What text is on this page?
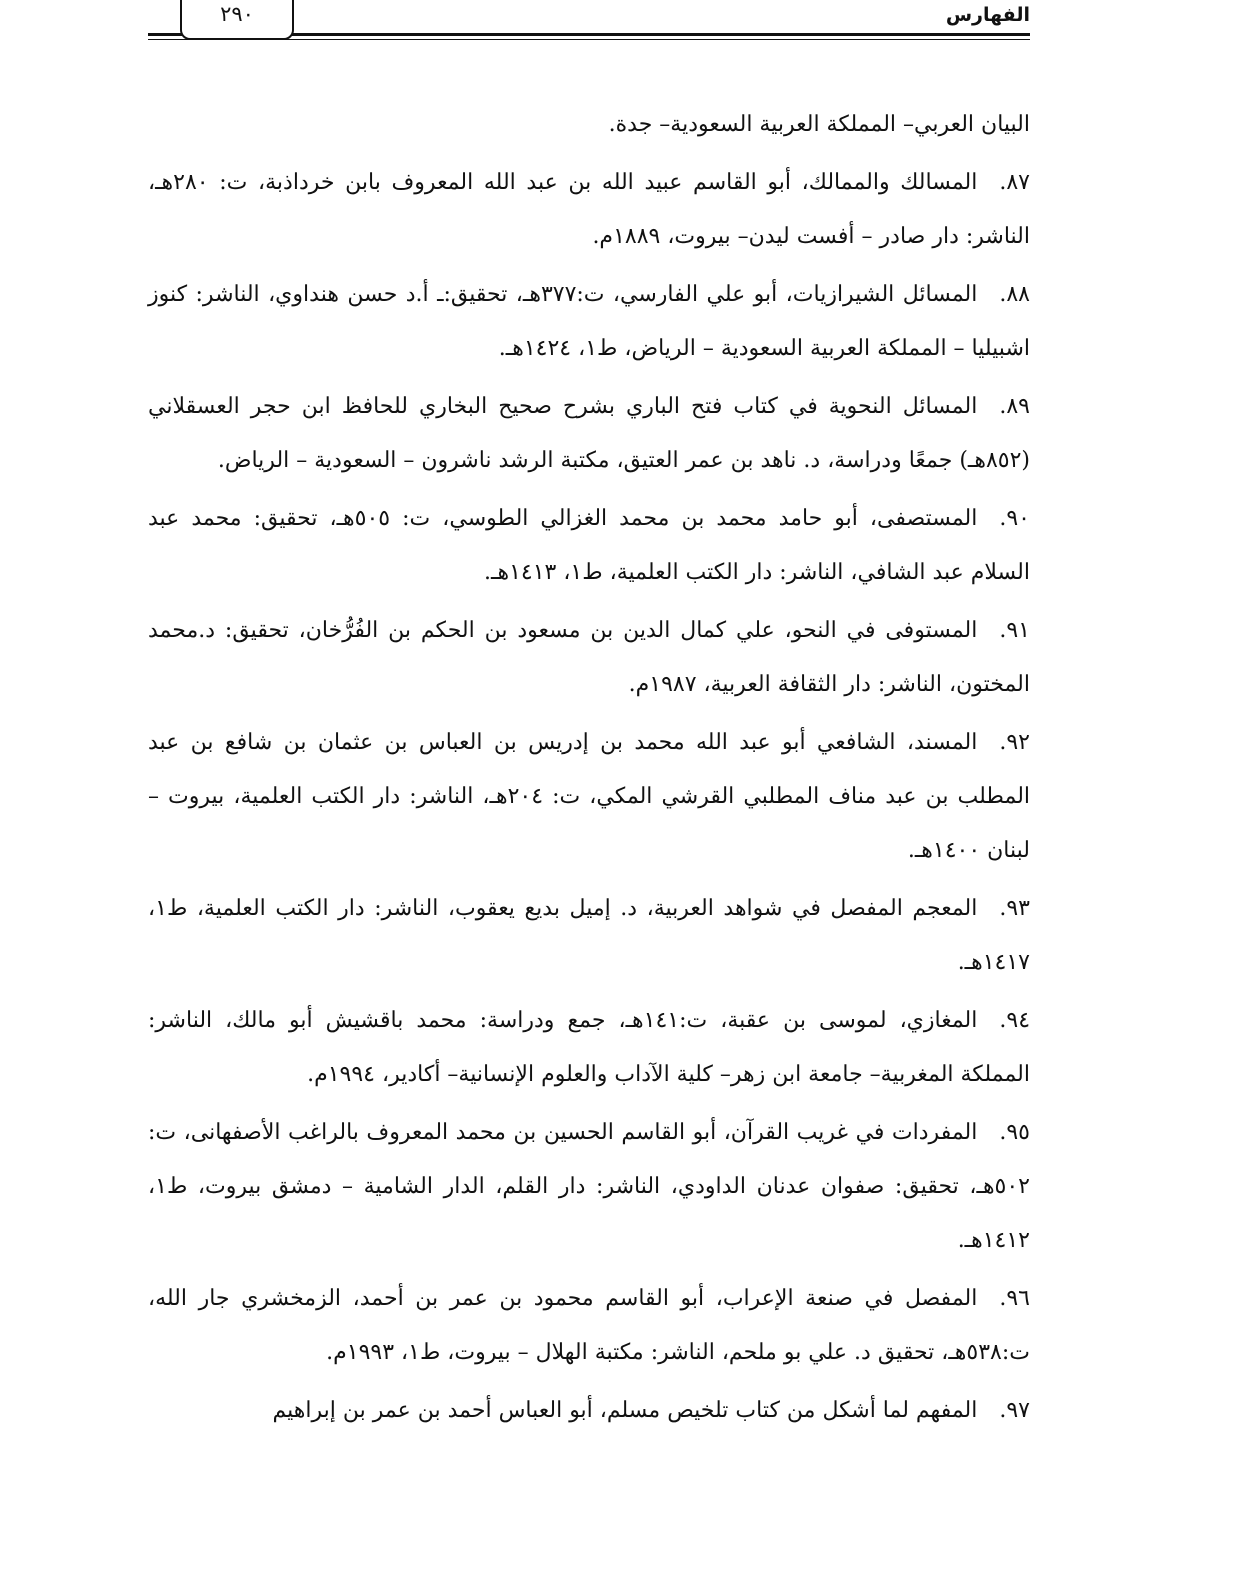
٢٩٠	الفهارس

البيان العربي– المملكة العربية السعودية– جدة.

٨٧.المسالك والممالك، أبو القاسم عبيد الله بن عبد الله المعروف بابن خرداذبة، ت: ٢٨٠هـ، الناشر: دار صادر – أفست ليدن– بيروت، ١٨٨٩م.

٨٨.المسائل الشيرازيات، أبو علي الفارسي، ت:٣٧٧هـ، تحقيق:ـ أ.د حسن هنداوي، الناشر: كنوز اشبيليا – المملكة العربية السعودية – الرياض، ط١، ١٤٢٤هـ.

٨٩.المسائل النحوية في كتاب فتح الباري بشرح صحيح البخاري للحافظ ابن حجر العسقلاني (٨٥٢هـ) جمعًا ودراسة، د. ناهد بن عمر العتيق، مكتبة الرشد ناشرون – السعودية – الرياض.

٩٠.المستصفى، أبو حامد محمد بن محمد الغزالي الطوسي، ت: ٥٠٥هـ، تحقيق: محمد عبد السلام عبد الشافي، الناشر: دار الكتب العلمية، ط١، ١٤١٣هـ.

٩١.المستوفى في النحو، علي كمال الدين بن مسعود بن الحكم بن الفُرُّخان، تحقيق: د.محمد المختون، الناشر: دار الثقافة العربية، ١٩٨٧م.

٩٢.المسند، الشافعي أبو عبد الله محمد بن إدريس بن العباس بن عثمان بن شافع بن عبد المطلب بن عبد مناف المطلبي القرشي المكي، ت: ٢٠٤هـ، الناشر: دار الكتب العلمية، بيروت – لبنان ١٤٠٠هـ.

٩٣.المعجم المفصل في شواهد العربية، د. إميل بديع يعقوب، الناشر: دار الكتب العلمية، ط١، ١٤١٧هـ.

٩٤.المغازي، لموسى بن عقبة، ت:١٤١هـ، جمع ودراسة: محمد باقشيش أبو مالك، الناشر: المملكة المغربية– جامعة ابن زهر– كلية الآداب والعلوم الإنسانية– أكادير، ١٩٩٤م.

٩٥.المفردات في غريب القرآن، أبو القاسم الحسين بن محمد المعروف بالراغب الأصفهانى، ت: ٥٠٢هـ، تحقيق: صفوان عدنان الداودي، الناشر: دار القلم، الدار الشامية – دمشق بيروت، ط١، ١٤١٢هـ.

٩٦.المفصل في صنعة الإعراب، أبو القاسم محمود بن عمر بن أحمد، الزمخشري جار الله، ت:٥٣٨هـ، تحقيق د. علي بو ملحم، الناشر: مكتبة الهلال – بيروت، ط١، ١٩٩٣م.

٩٧.المفهم لما أشكل من كتاب تلخيص مسلم، أبو العباس أحمد بن عمر بن إبراهيم
